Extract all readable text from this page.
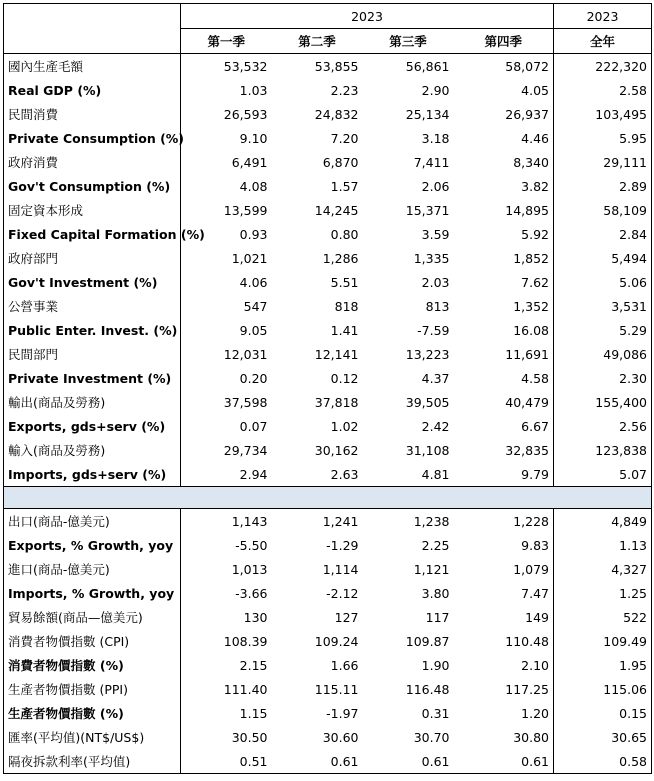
	2023				2023
	第一季	第二季	第三季	第四季	全年
國內生產毛額	53,532	53,855	56,861	58,072	222,320
Real GDP (%)	1.03	2.23	2.90	4.05	2.58
民間消費	26,593	24,832	25,134	26,937	103,495
Private Consumption (%)	9.10	7.20	3.18	4.46	5.95
政府消費	6,491	6,870	7,411	8,340	29,111
Gov't Consumption (%)	4.08	1.57	2.06	3.82	2.89
固定資本形成	13,599	14,245	15,371	14,895	58,109
Fixed Capital Formation (%)	0.93	0.80	3.59	5.92	2.84
政府部門	1,021	1,286	1,335	1,852	5,494
Gov't Investment (%)	4.06	5.51	2.03	7.62	5.06
公營事業	547	818	813	1,352	3,531
Public Enter. Invest. (%)	9.05	1.41	-7.59	16.08	5.29
民間部門	12,031	12,141	13,223	11,691	49,086
Private Investment (%)	0.20	0.12	4.37	4.58	2.30
輸出(商品及勞務)	37,598	37,818	39,505	40,479	155,400
Exports, gds+serv (%)	0.07	1.02	2.42	6.67	2.56
輸入(商品及勞務)	29,734	30,162	31,108	32,835	123,838
Imports, gds+serv (%)	2.94	2.63	4.81	9.79	5.07

出口(商品-億美元)	1,143	1,241	1,238	1,228	4,849
Exports, % Growth, yoy	-5.50	-1.29	2.25	9.83	1.13
進口(商品-億美元)	1,013	1,114	1,121	1,079	4,327
Imports, % Growth, yoy	-3.66	-2.12	3.80	7.47	1.25
貿易餘額(商品—億美元)	130	127	117	149	522
消費者物價指數 (CPI)	108.39	109.24	109.87	110.48	109.49
消費者物價指數 (%)	2.15	1.66	1.90	2.10	1.95
生產者物價指數 (PPI)	111.40	115.11	116.48	117.25	115.06
生產者物價指數 (%)	1.15	-1.97	0.31	1.20	0.15
匯率(平均值)(NT$/US$)	30.50	30.60	30.70	30.80	30.65
隔夜拆款利率(平均值)	0.51	0.61	0.61	0.61	0.58
